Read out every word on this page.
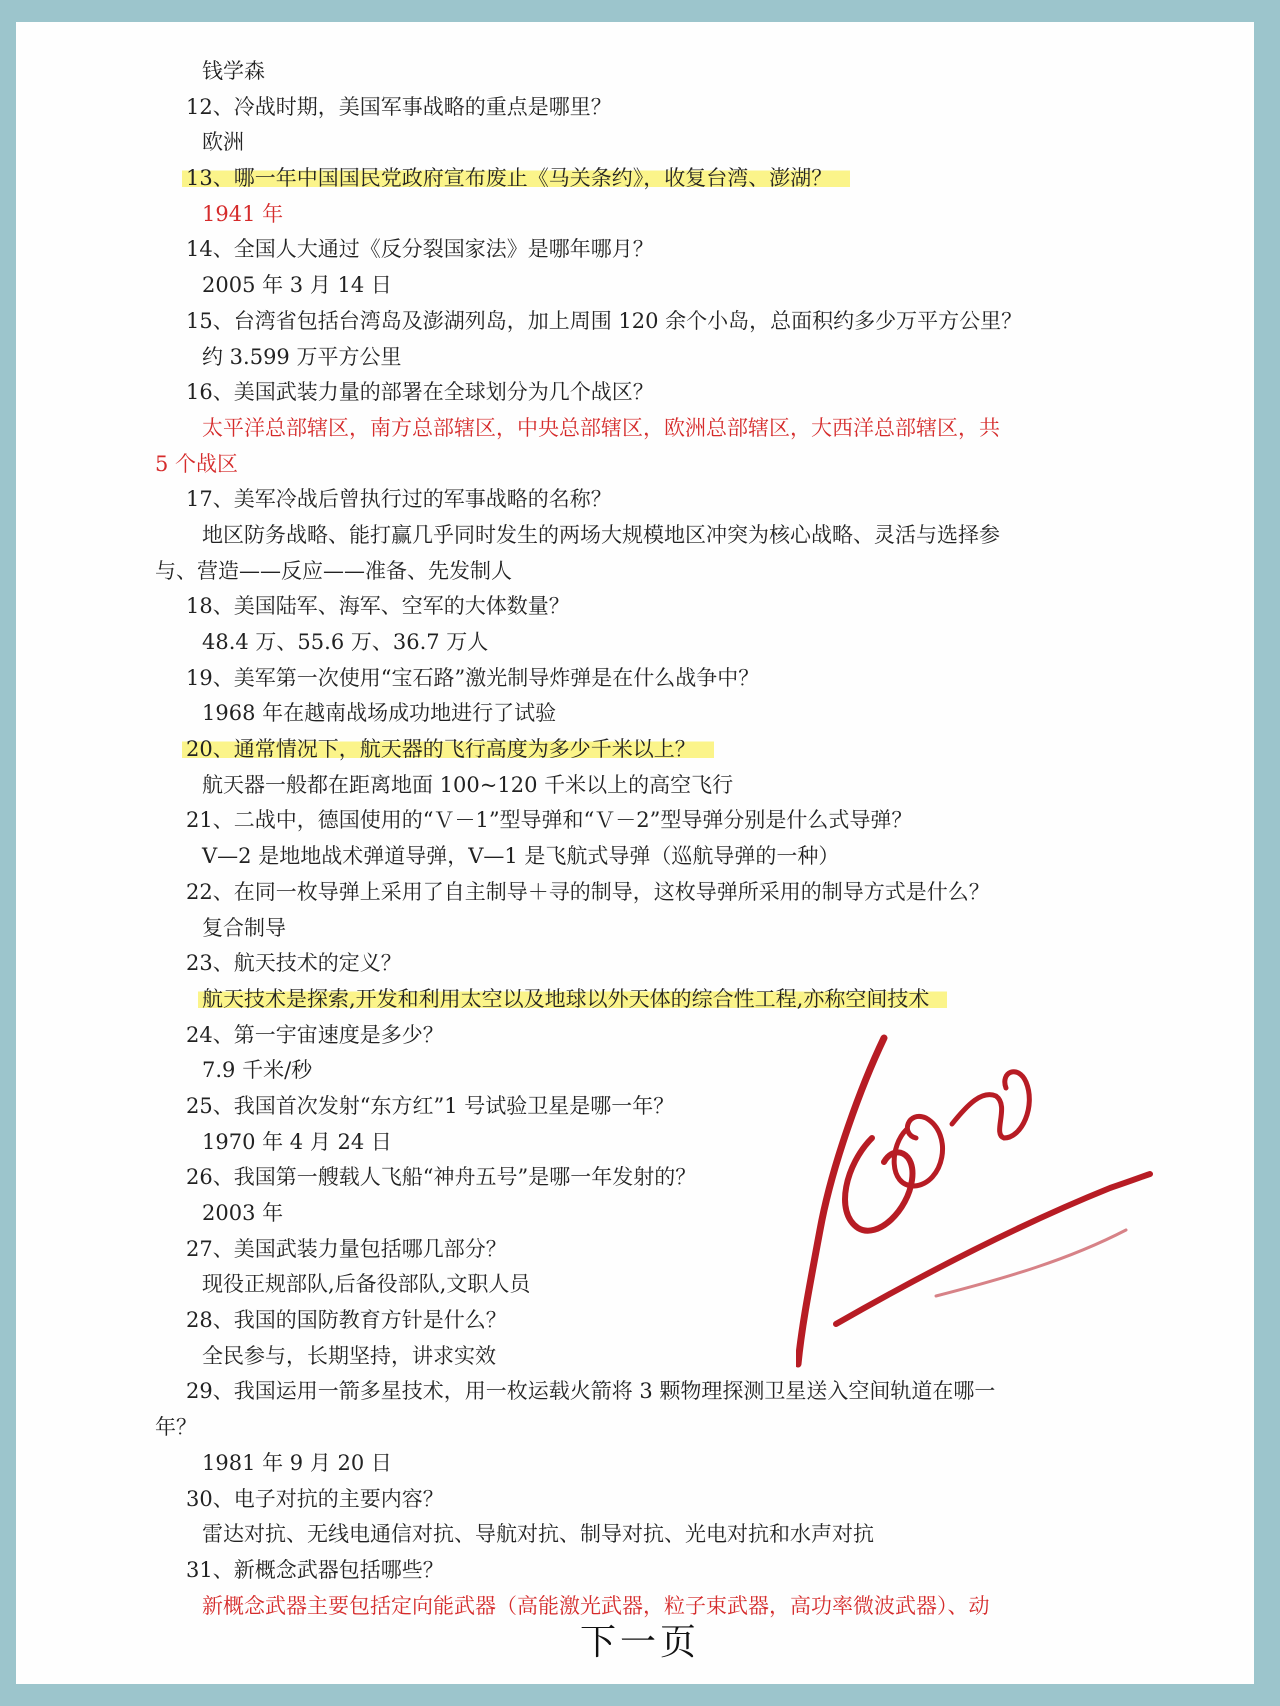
钱学森
12、冷战时期，美国军事战略的重点是哪里？
欧洲
13、哪一年中国国民党政府宣布废止《马关条约》，收复台湾、澎湖？
1941 年
14、全国人大通过《反分裂国家法》是哪年哪月？
2005 年 3 月 14 日
15、台湾省包括台湾岛及澎湖列岛，加上周围 120 余个小岛，总面积约多少万平方公里？
约 3.599 万平方公里
16、美国武装力量的部署在全球划分为几个战区？
太平洋总部辖区，南方总部辖区，中央总部辖区，欧洲总部辖区，大西洋总部辖区，共
5 个战区
17、美军冷战后曾执行过的军事战略的名称？
地区防务战略、能打赢几乎同时发生的两场大规模地区冲突为核心战略、灵活与选择参
与、营造——反应——准备、先发制人
18、美国陆军、海军、空军的大体数量？
48.4 万、55.6 万、36.7 万人
19、美军第一次使用“宝石路”激光制导炸弹是在什么战争中？
1968 年在越南战场成功地进行了试验
20、通常情况下，航天器的飞行高度为多少千米以上？
航天器一般都在距离地面 100~120 千米以上的高空飞行
21、二战中，德国使用的“Ｖ－1”型导弹和“Ｖ－2”型导弹分别是什么式导弹？
V—2 是地地战术弹道导弹，V—1 是飞航式导弹（巡航导弹的一种）
22、在同一枚导弹上采用了自主制导＋寻的制导，这枚导弹所采用的制导方式是什么？
复合制导
23、航天技术的定义？
航天技术是探索,开发和利用太空以及地球以外天体的综合性工程,亦称空间技术
24、第一宇宙速度是多少？
7.9 千米/秒
25、我国首次发射“东方红”1 号试验卫星是哪一年？
1970 年 4 月 24 日
26、我国第一艘载人飞船“神舟五号”是哪一年发射的？
2003 年
27、美国武装力量包括哪几部分？
现役正规部队,后备役部队,文职人员
28、我国的国防教育方针是什么？
全民参与，长期坚持，讲求实效
29、我国运用一箭多星技术，用一枚运载火箭将 3 颗物理探测卫星送入空间轨道在哪一
年？
1981 年 9 月 20 日
30、电子对抗的主要内容？
雷达对抗、无线电通信对抗、导航对抗、制导对抗、光电对抗和水声对抗
31、新概念武器包括哪些？
新概念武器主要包括定向能武器（高能激光武器，粒子束武器，高功率微波武器）、动
下一页
